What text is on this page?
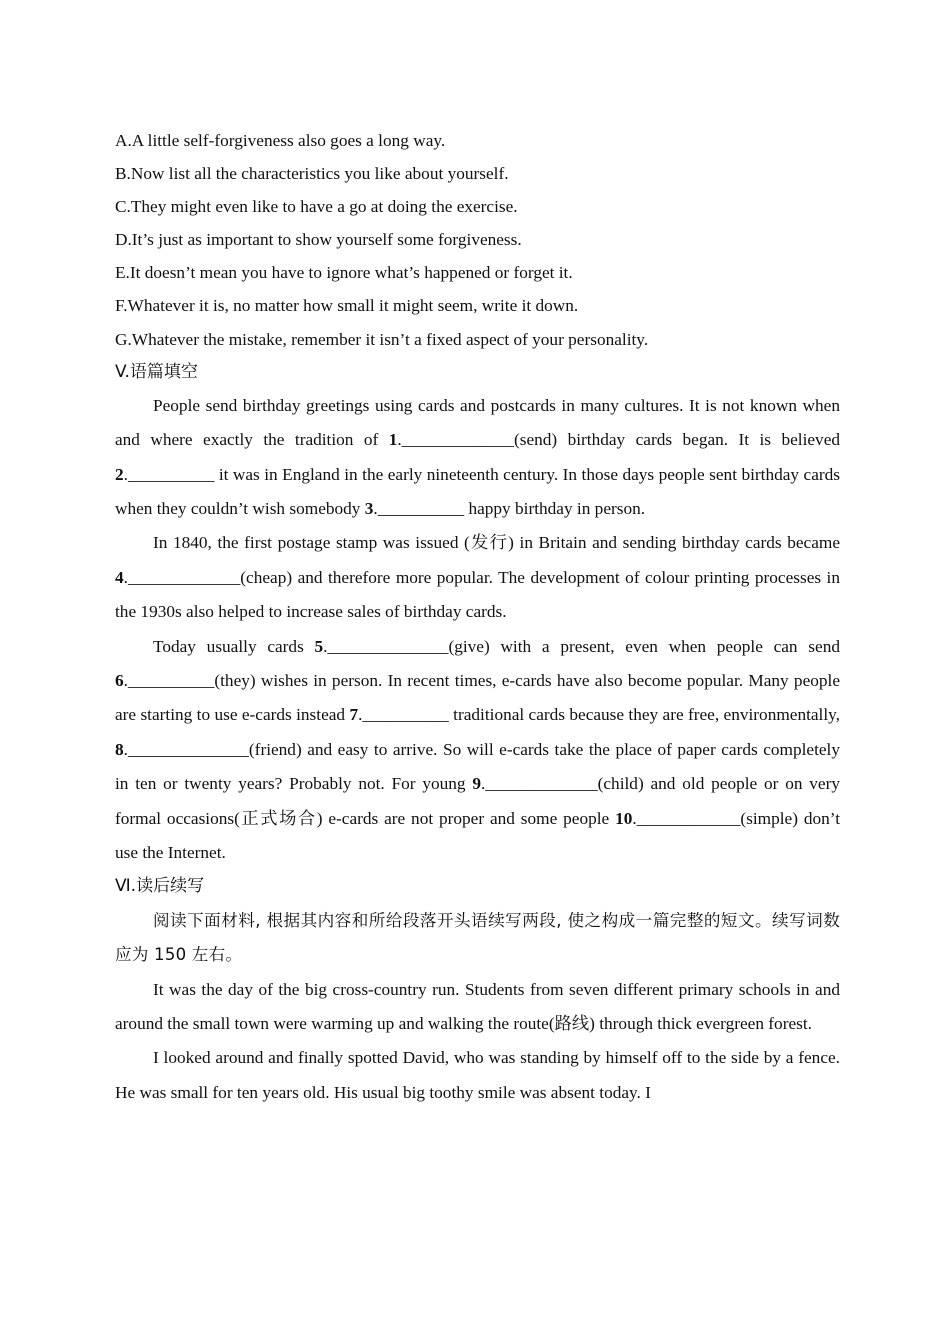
A.A little self-forgiveness also goes a long way.
B.Now list all the characteristics you like about yourself.
C.They might even like to have a go at doing the exercise.
D.It’s just as important to show yourself some forgiveness.
E.It doesn’t mean you have to ignore what’s happened or forget it.
F.Whatever it is, no matter how small it might seem, write it down.
G.Whatever the mistake, remember it isn’t a fixed aspect of your personality.
V.语篇填空

People send birthday greetings using cards and postcards in many cultures. It is not known when and where exactly the tradition of 1._____________(send) birthday cards began. It is believed 2.__________ it was in England in the early nineteenth century. In those days people sent birthday cards when they couldn’t wish somebody 3.__________ happy birthday in person.

In 1840, the first postage stamp was issued (发行) in Britain and sending birthday cards became 4._____________(cheap) and therefore more popular. The development of colour printing processes in the 1930s also helped to increase sales of birthday cards.

Today usually cards 5.______________(give) with a present, even when people can send 6.__________(they) wishes in person. In recent times, e-cards have also become popular. Many people are starting to use e-cards instead 7.__________ traditional cards because they are free, environmentally, 8.______________(friend) and easy to arrive. So will e-cards take the place of paper cards completely in ten or twenty years? Probably not. For young 9._____________(child) and old people or on very formal occasions(正式场合) e-cards are not proper and some people 10.____________(simple) don’t use the Internet.

Ⅵ.读后续写

阅读下面材料, 根据其内容和所给段落开头语续写两段, 使之构成一篇完整的短文。续写词数应为 150 左右。

It was the day of the big cross-country run. Students from seven different primary schools in and around the small town were warming up and walking the route(路线) through thick evergreen forest.

I looked around and finally spotted David, who was standing by himself off to the side by a fence. He was small for ten years old. His usual big toothy smile was absent today. I
